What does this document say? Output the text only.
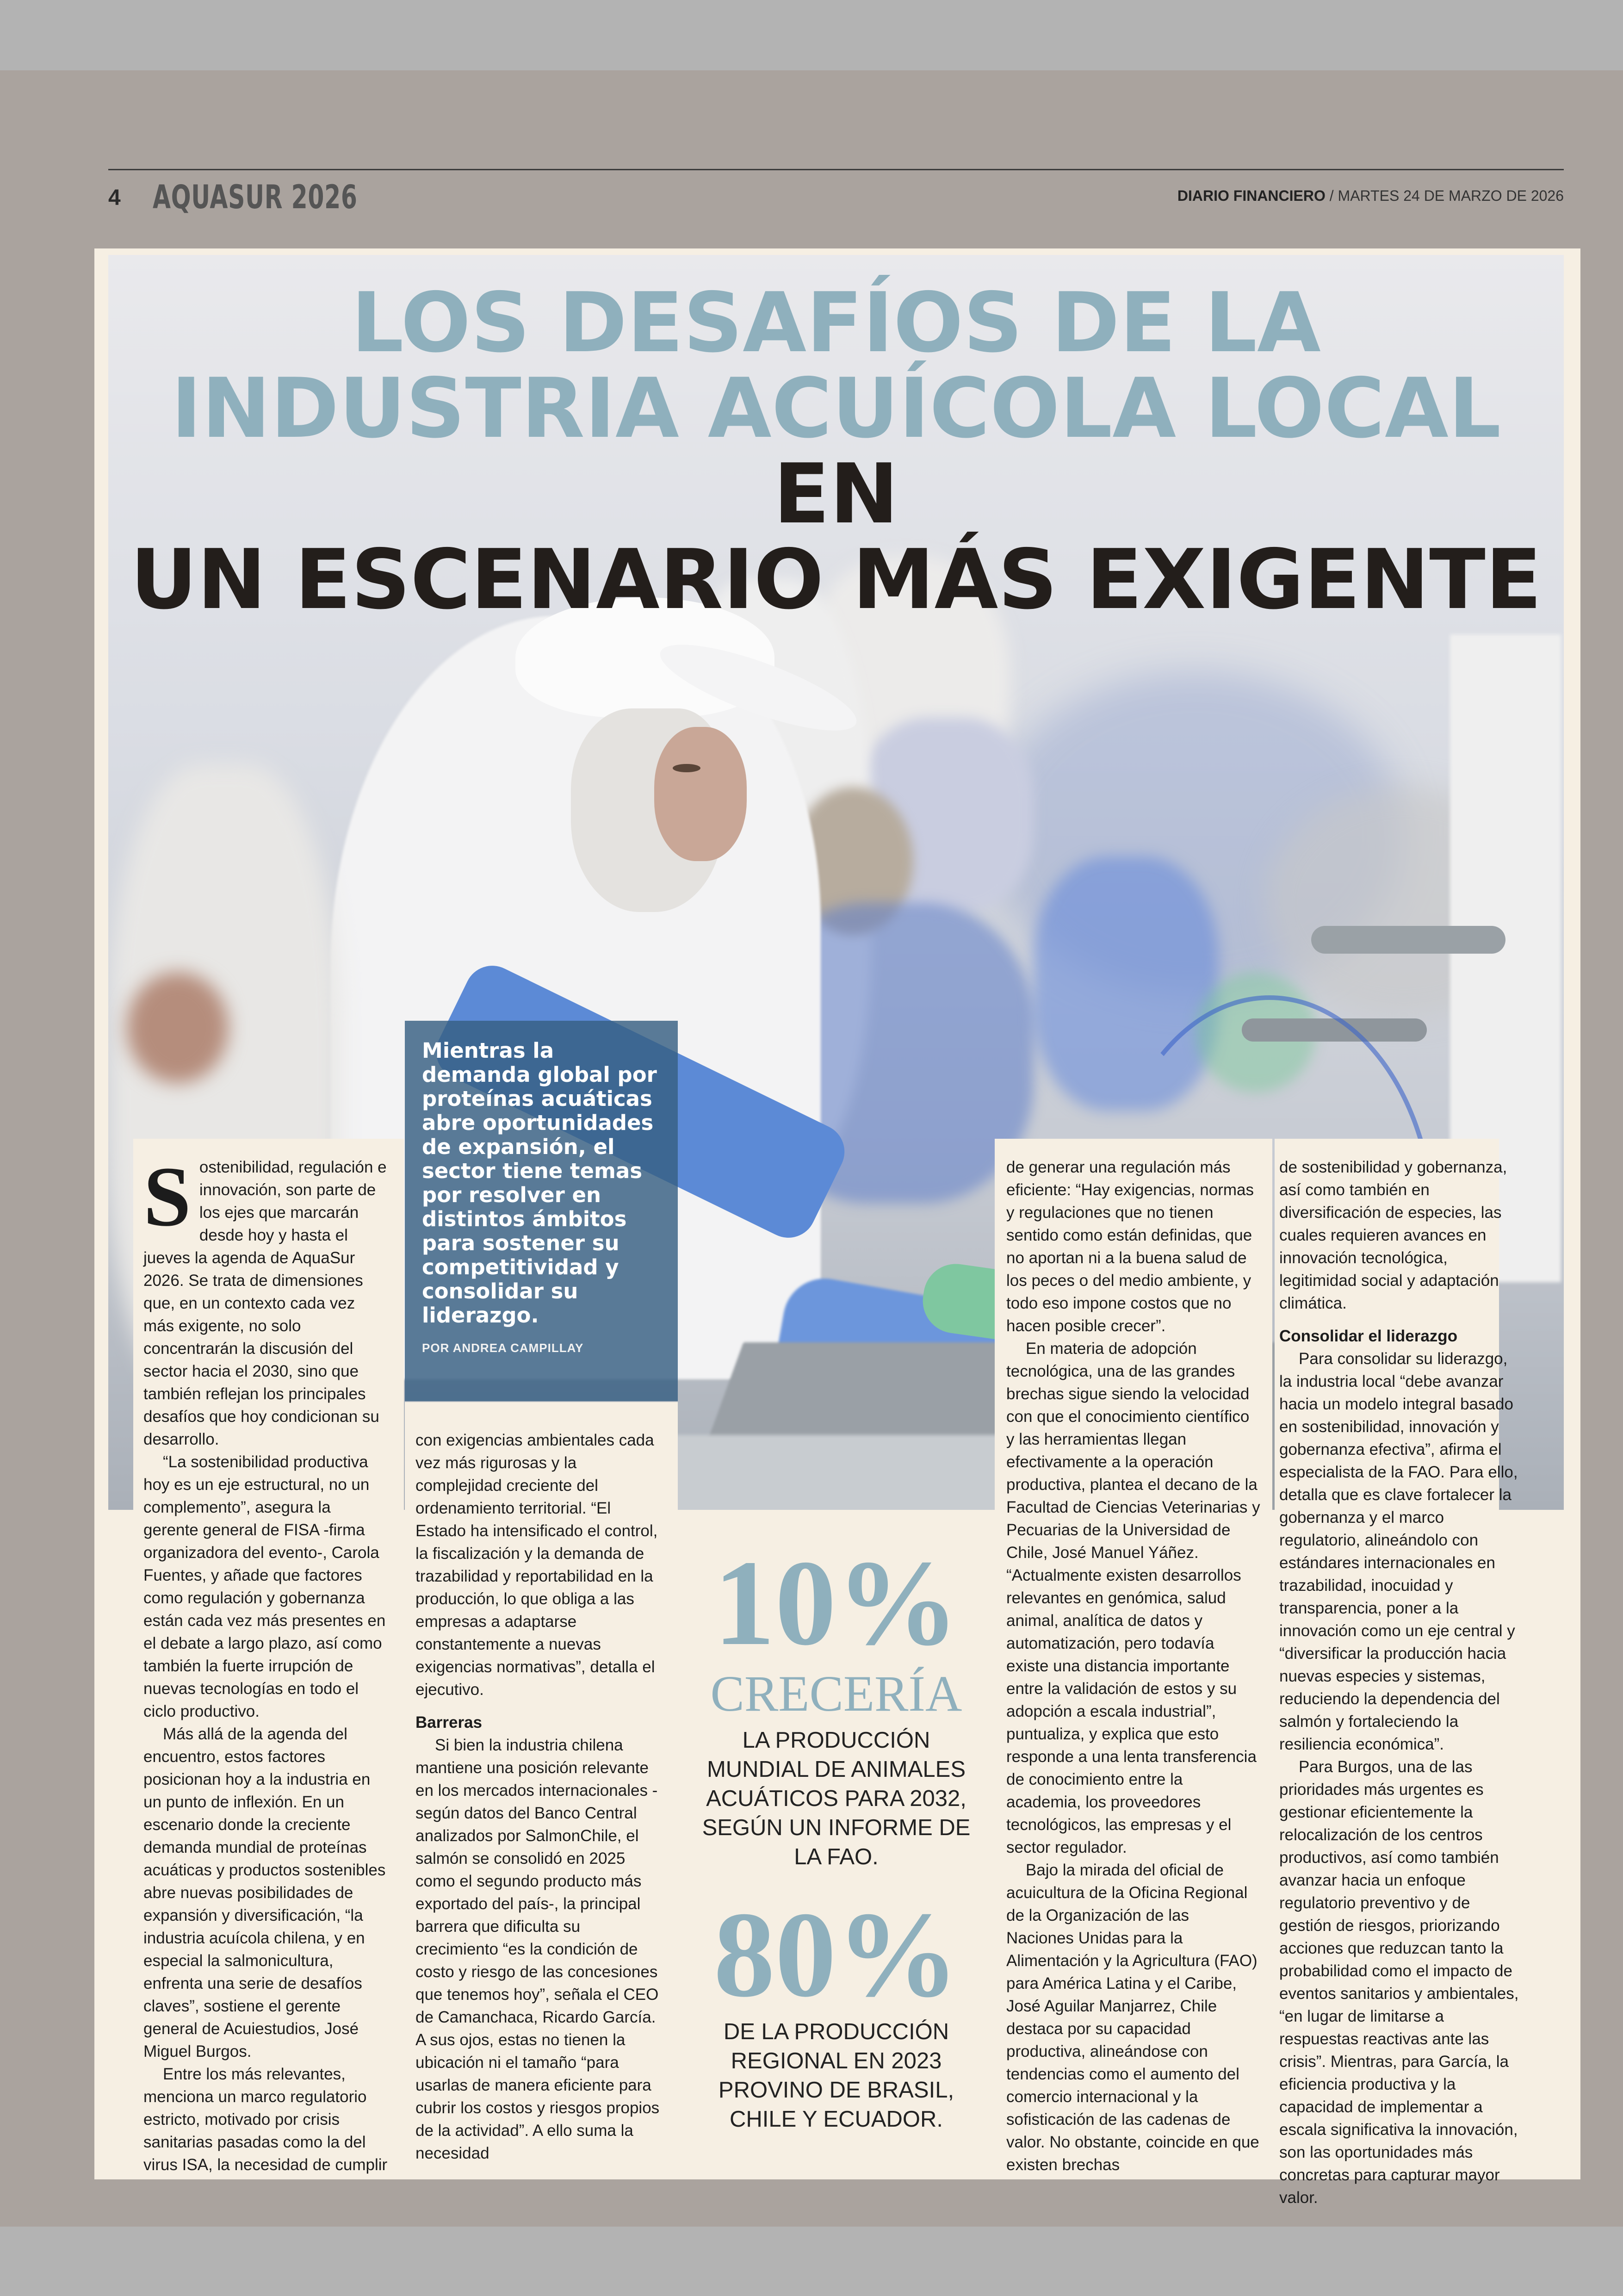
4 AQUASUR 2026	DIARIO FINANCIERO / MARTES 24 DE MARZO DE 2026
LOS DESAFÍOS DE LA
INDUSTRIA ACUÍCOLA LOCAL EN
UN ESCENARIO MÁS EXIGENTE
Mientras la demanda global por proteínas acuáticas abre oportunidades de expansión, el sector tiene temas por resolver en distintos ámbitos para sostener su competitividad y consolidar su liderazgo.
POR ANDREA CAMPILLAY

Sostenibilidad, regulación e innovación, son parte de los ejes que marcarán desde hoy y hasta el jueves la agenda de AquaSur 2026. Se trata de dimensiones que, en un contexto cada vez más exigente, no solo concentrarán la discusión del sector hacia el 2030, sino que también reflejan los principales desafíos que hoy condicionan su desarrollo.

“La sostenibilidad productiva hoy es un eje estructural, no un complemento”, asegura la gerente general de FISA -firma organizadora del evento-, Carola Fuentes, y añade que factores como regulación y gobernanza están cada vez más presentes en el debate a largo plazo, así como también la fuerte irrupción de nuevas tecnologías en todo el ciclo productivo.

Más allá de la agenda del encuentro, estos factores posicionan hoy a la industria en un punto de inflexión. En un escenario donde la creciente demanda mundial de proteínas acuáticas y productos sostenibles abre nuevas posibilidades de expansión y diversificación, “la industria acuícola chilena, y en especial la salmonicultura, enfrenta una serie de desafíos claves”, sostiene el gerente general de Acuiestudios, José Miguel Burgos.

Entre los más relevantes, menciona un marco regulatorio estricto, motivado por crisis sanitarias pasadas como la del virus ISA, la necesidad de cumplir

con exigencias ambientales cada vez más rigurosas y la complejidad creciente del ordenamiento territorial. “El Estado ha intensificado el control, la fiscalización y la demanda de trazabilidad y reportabilidad en la producción, lo que obliga a las empresas a adaptarse constantemente a nuevas exigencias normativas”, detalla el ejecutivo.

Barreras

Si bien la industria chilena mantiene una posición relevante en los mercados internacionales -según datos del Banco Central analizados por SalmonChile, el salmón se consolidó en 2025 como el segundo producto más exportado del país-, la principal barrera que dificulta su crecimiento “es la condición de costo y riesgo de las concesiones que tenemos hoy”, señala el CEO de Camanchaca, Ricardo García. A sus ojos, estas no tienen la ubicación ni el tamaño “para usarlas de manera eficiente para cubrir los costos y riesgos propios de la actividad”. A ello suma la necesidad

10%
CRECERÍA
LA PRODUCCIÓN MUNDIAL DE ANIMALES ACUÁTICOS PARA 2032, SEGÚN UN INFORME DE LA FAO.
80%
DE LA PRODUCCIÓN REGIONAL EN 2023 PROVINO DE BRASIL, CHILE Y ECUADOR.

de generar una regulación más eficiente: “Hay exigencias, normas y regulaciones que no tienen sentido como están definidas, que no aportan ni a la buena salud de los peces o del medio ambiente, y todo eso impone costos que no hacen posible crecer”.

En materia de adopción tecnológica, una de las grandes brechas sigue siendo la velocidad con que el conocimiento científico y las herramientas llegan efectivamente a la operación productiva, plantea el decano de la Facultad de Ciencias Veterinarias y Pecuarias de la Universidad de Chile, José Manuel Yáñez. “Actualmente existen desarrollos relevantes en genómica, salud animal, analítica de datos y automatización, pero todavía existe una distancia importante entre la validación de estos y su adopción a escala industrial”, puntualiza, y explica que esto responde a una lenta transferencia de conocimiento entre la academia, los proveedores tecnológicos, las empresas y el sector regulador.

Bajo la mirada del oficial de acuicultura de la Oficina Regional de la Organización de las Naciones Unidas para la Alimentación y la Agricultura (FAO) para América Latina y el Caribe, José Aguilar Manjarrez, Chile destaca por su capacidad productiva, alineándose con tendencias como el aumento del comercio internacional y la sofisticación de las cadenas de valor. No obstante, coincide en que existen brechas

de sostenibilidad y gobernanza, así como también en diversificación de especies, las cuales requieren avances en innovación tecnológica, legitimidad social y adaptación climática.

Consolidar el liderazgo

Para consolidar su liderazgo, la industria local “debe avanzar hacia un modelo integral basado en sostenibilidad, innovación y gobernanza efectiva”, afirma el especialista de la FAO. Para ello, detalla que es clave fortalecer la gobernanza y el marco regulatorio, alineándolo con estándares internacionales en trazabilidad, inocuidad y transparencia, poner a la innovación como un eje central y “diversificar la producción hacia nuevas especies y sistemas, reduciendo la dependencia del salmón y fortaleciendo la resiliencia económica”.

Para Burgos, una de las prioridades más urgentes es gestionar eficientemente la relocalización de los centros productivos, así como también avanzar hacia un enfoque regulatorio preventivo y de gestión de riesgos, priorizando acciones que reduzcan tanto la probabilidad como el impacto de eventos sanitarios y ambientales, “en lugar de limitarse a respuestas reactivas ante las crisis”. Mientras, para García, la eficiencia productiva y la capacidad de implementar a escala significativa la innovación, son las oportunidades más concretas para capturar mayor valor.
